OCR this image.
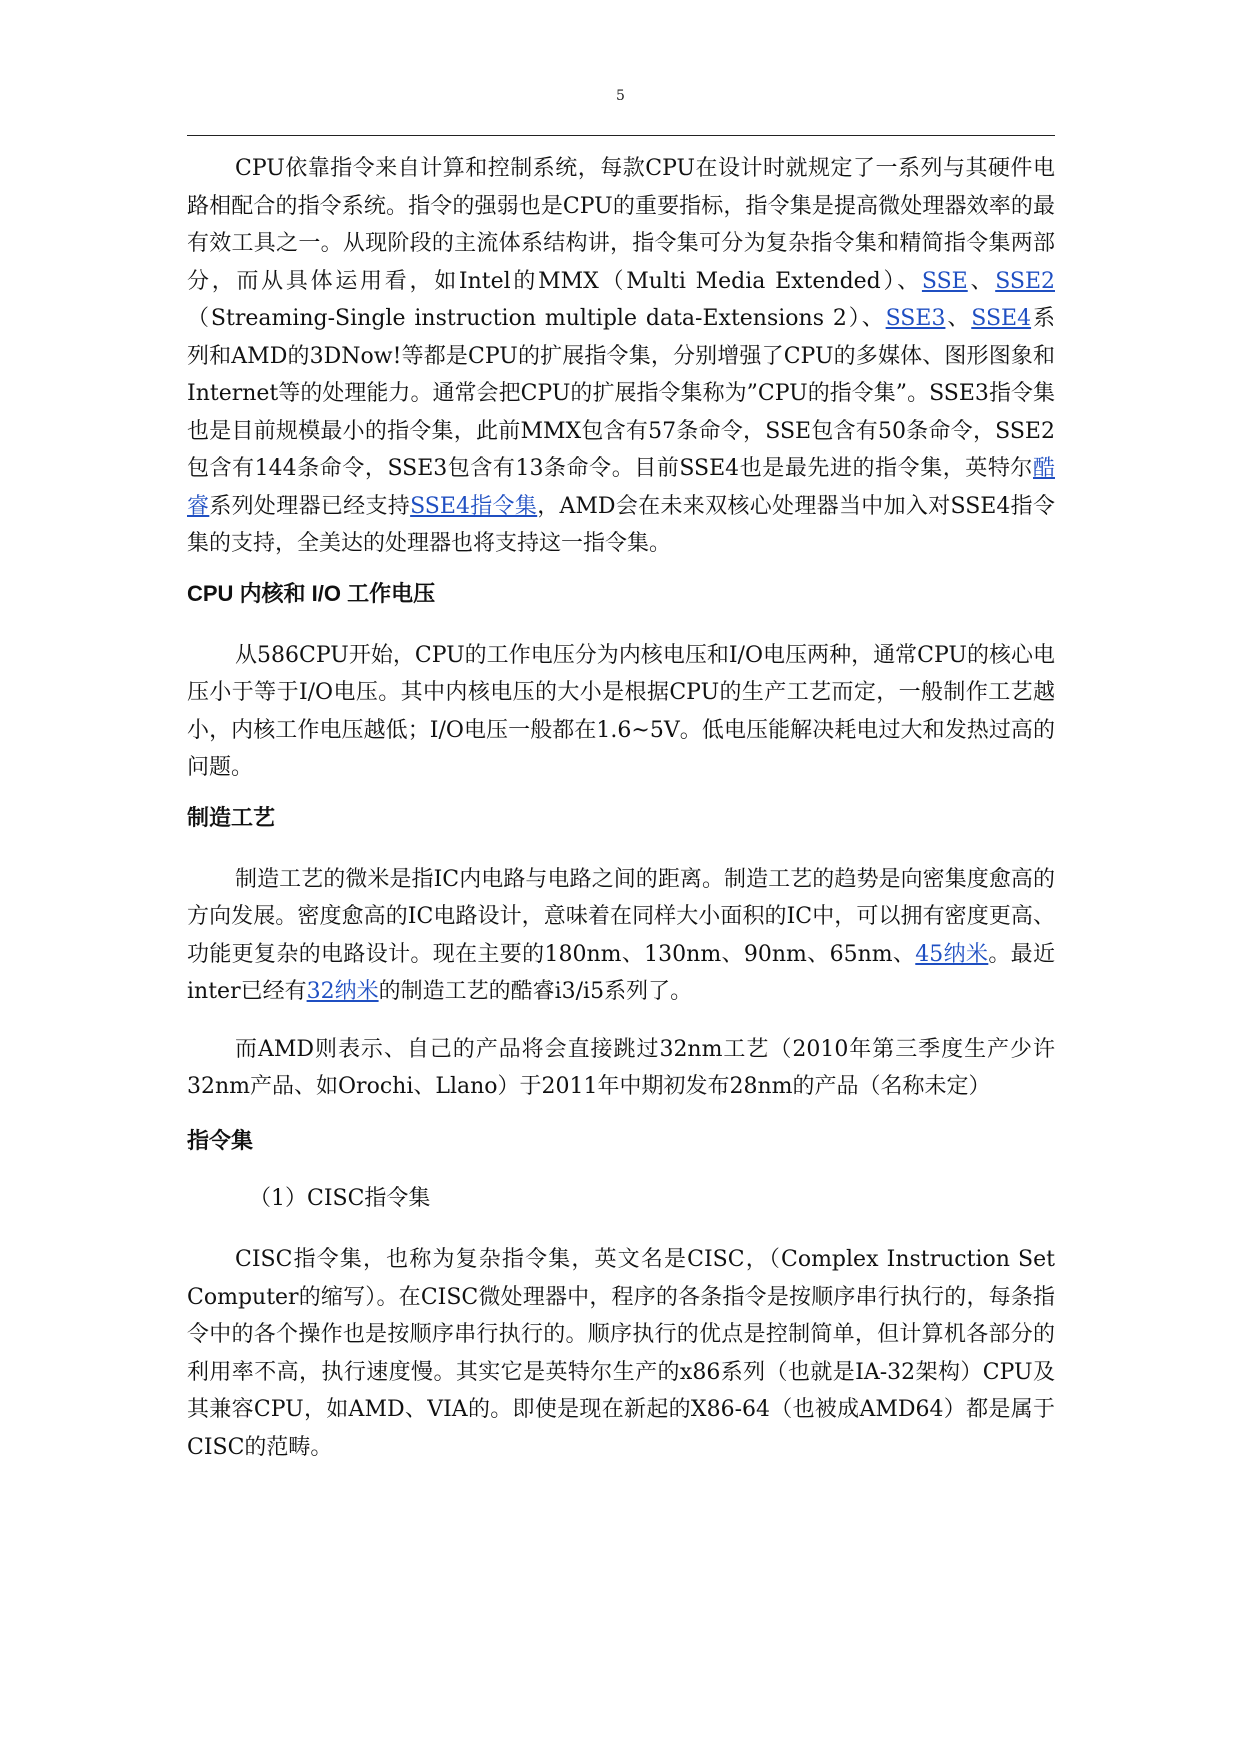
5

CPU依靠指令来自计算和控制系统，每款CPU在设计时就规定了一系列与其硬件电路相配合的指令系统。指令的强弱也是CPU的重要指标，指令集是提高微处理器效率的最有效工具之一。从现阶段的主流体系结构讲，指令集可分为复杂指令集和精简指令集两部分，而从具体运用看，如Intel的MMX（Multi Media Extended）、SSE、SSE2（Streaming-Single instruction multiple data-Extensions 2）、SSE3、SSE4系列和AMD的3DNow!等都是CPU的扩展指令集，分别增强了CPU的多媒体、图形图象和Internet等的处理能力。通常会把CPU的扩展指令集称为”CPU的指令集”。SSE3指令集也是目前规模最小的指令集，此前MMX包含有57条命令，SSE包含有50条命令，SSE2包含有144条命令，SSE3包含有13条命令。目前SSE4也是最先进的指令集，英特尔酷睿系列处理器已经支持SSE4指令集，AMD会在未来双核心处理器当中加入对SSE4指令集的支持，全美达的处理器也将支持这一指令集。

CPU 内核和 I/O 工作电压

从586CPU开始，CPU的工作电压分为内核电压和I/O电压两种，通常CPU的核心电压小于等于I/O电压。其中内核电压的大小是根据CPU的生产工艺而定，一般制作工艺越小，内核工作电压越低；I/O电压一般都在1.6~5V。低电压能解决耗电过大和发热过高的问题。

制造工艺

制造工艺的微米是指IC内电路与电路之间的距离。制造工艺的趋势是向密集度愈高的方向发展。密度愈高的IC电路设计，意味着在同样大小面积的IC中，可以拥有密度更高、功能更复杂的电路设计。现在主要的180nm、130nm、90nm、65nm、45纳米。最近inter已经有32纳米的制造工艺的酷睿i3/i5系列了。

而AMD则表示、自己的产品将会直接跳过32nm工艺（2010年第三季度生产少许32nm产品、如Orochi、Llano）于2011年中期初发布28nm的产品（名称未定）

指令集

（1）CISC指令集

CISC指令集，也称为复杂指令集，英文名是CISC，（Complex Instruction Set Computer的缩写）。在CISC微处理器中，程序的各条指令是按顺序串行执行的，每条指令中的各个操作也是按顺序串行执行的。顺序执行的优点是控制简单，但计算机各部分的利用率不高，执行速度慢。其实它是英特尔生产的x86系列（也就是IA-32架构）CPU及其兼容CPU，如AMD、VIA的。即使是现在新起的X86-64（也被成AMD64）都是属于CISC的范畴。
